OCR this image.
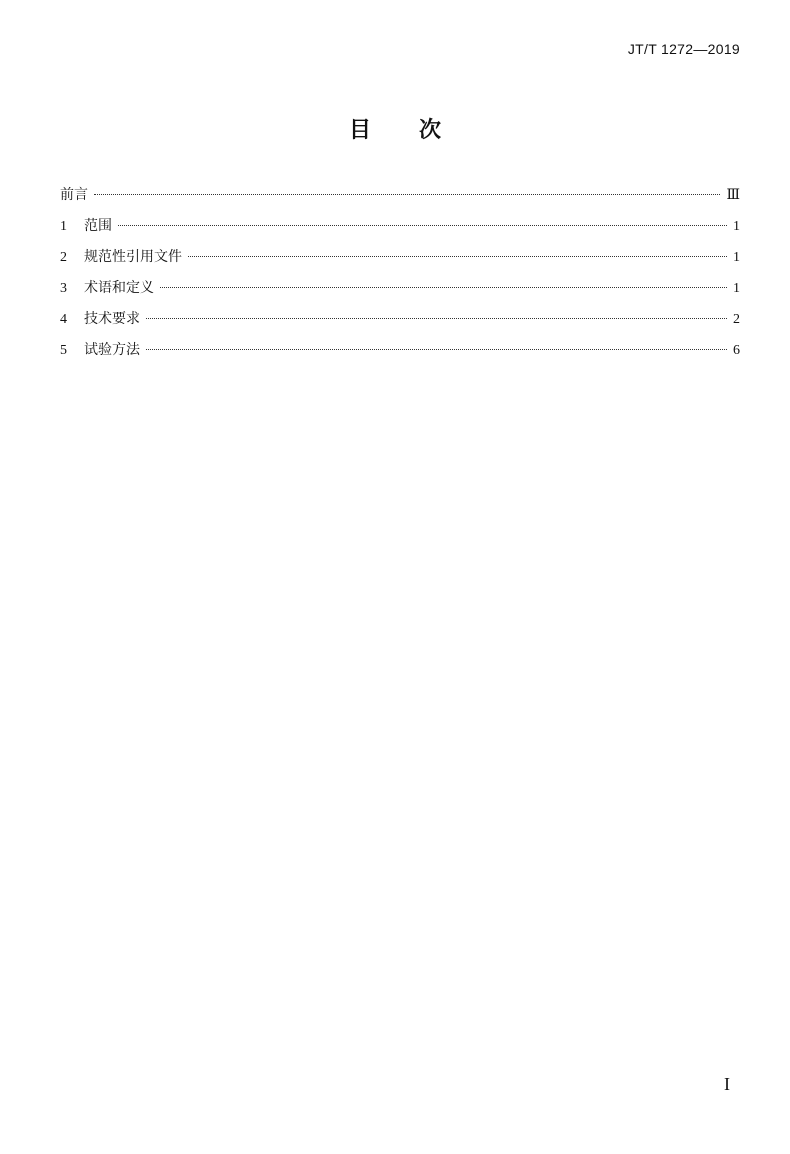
JT/T 1272—2019
目 次
前言	Ⅲ
1	范围	1
2	规范性引用文件	1
3	术语和定义	1
4	技术要求	2
5	试验方法	6
I
